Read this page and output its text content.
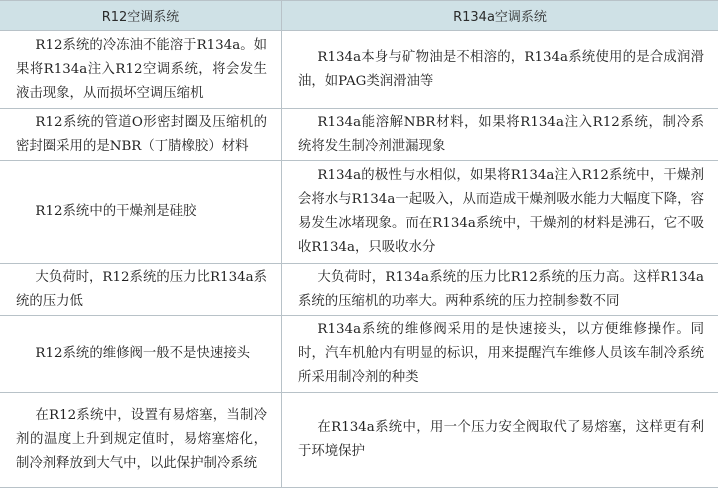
R12空调系统	R134a空调系统
R12系统的冷冻油不能溶于R134a。如果将R134a注入R12空调系统，将会发生液击现象，从而损坏空调压缩机
R134a本身与矿物油是不相溶的，R134a系统使用的是合成润滑油，如PAG类润滑油等
R12系统的管道O形密封圈及压缩机的密封圈采用的是NBR（丁腈橡胶）材料
R134a能溶解NBR材料，如果将R134a注入R12系统，制冷系统将发生制冷剂泄漏现象
R12系统中的干燥剂是硅胶
R134a的极性与水相似，如果将R134a注入R12系统中，干燥剂会将水与R134a一起吸入，从而造成干燥剂吸水能力大幅度下降，容易发生冰堵现象。而在R134a系统中，干燥剂的材料是沸石，它不吸收R134a，只吸收水分
大负荷时，R12系统的压力比R134a系统的压力低
大负荷时，R134a系统的压力比R12系统的压力高。这样R134a系统的压缩机的功率大。两种系统的压力控制参数不同
R12系统的维修阀一般不是快速接头
R134a系统的维修阀采用的是快速接头，以方便维修操作。同时，汽车机舱内有明显的标识，用来提醒汽车维修人员该车制冷系统所采用制冷剂的种类
在R12系统中，设置有易熔塞，当制冷剂的温度上升到规定值时，易熔塞熔化，制冷剂释放到大气中，以此保护制冷系统
在R134a系统中，用一个压力安全阀取代了易熔塞，这样更有利于环境保护
